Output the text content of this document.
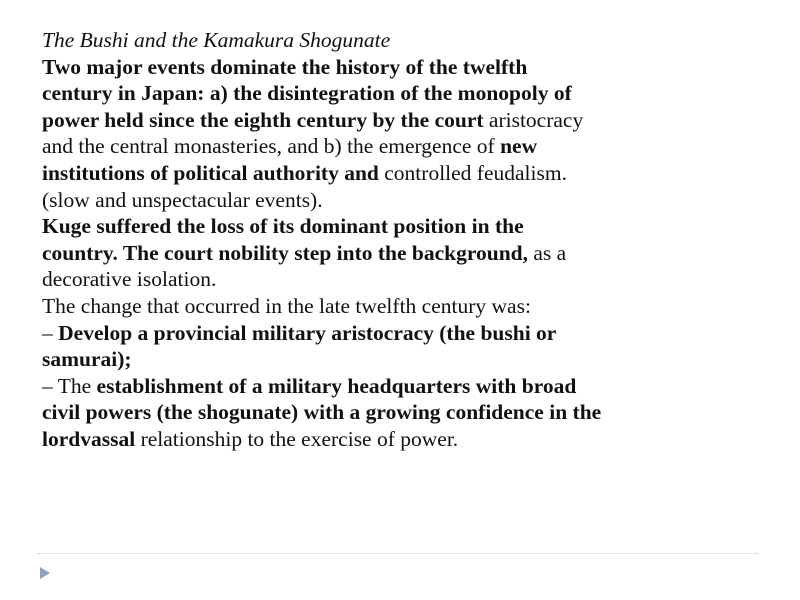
The Bushi and the Kamakura Shogunate
Two major events dominate the history of the twelfth
century in Japan: a) the disintegration of the monopoly of
power held since the eighth century by the court aristocracy
and the central monasteries, and b) the emergence of new
institutions of political authority and controlled feudalism.
(slow and unspectacular events).
Kuge suffered the loss of its dominant position in the
country. The court nobility step into the background, as a
decorative isolation.
The change that occurred in the late twelfth century was:
– Develop a provincial military aristocracy (the bushi or
samurai);
– The establishment of a military headquarters with broad
civil powers (the shogunate) with a growing confidence in the
lordvassal relationship to the exercise of power.
